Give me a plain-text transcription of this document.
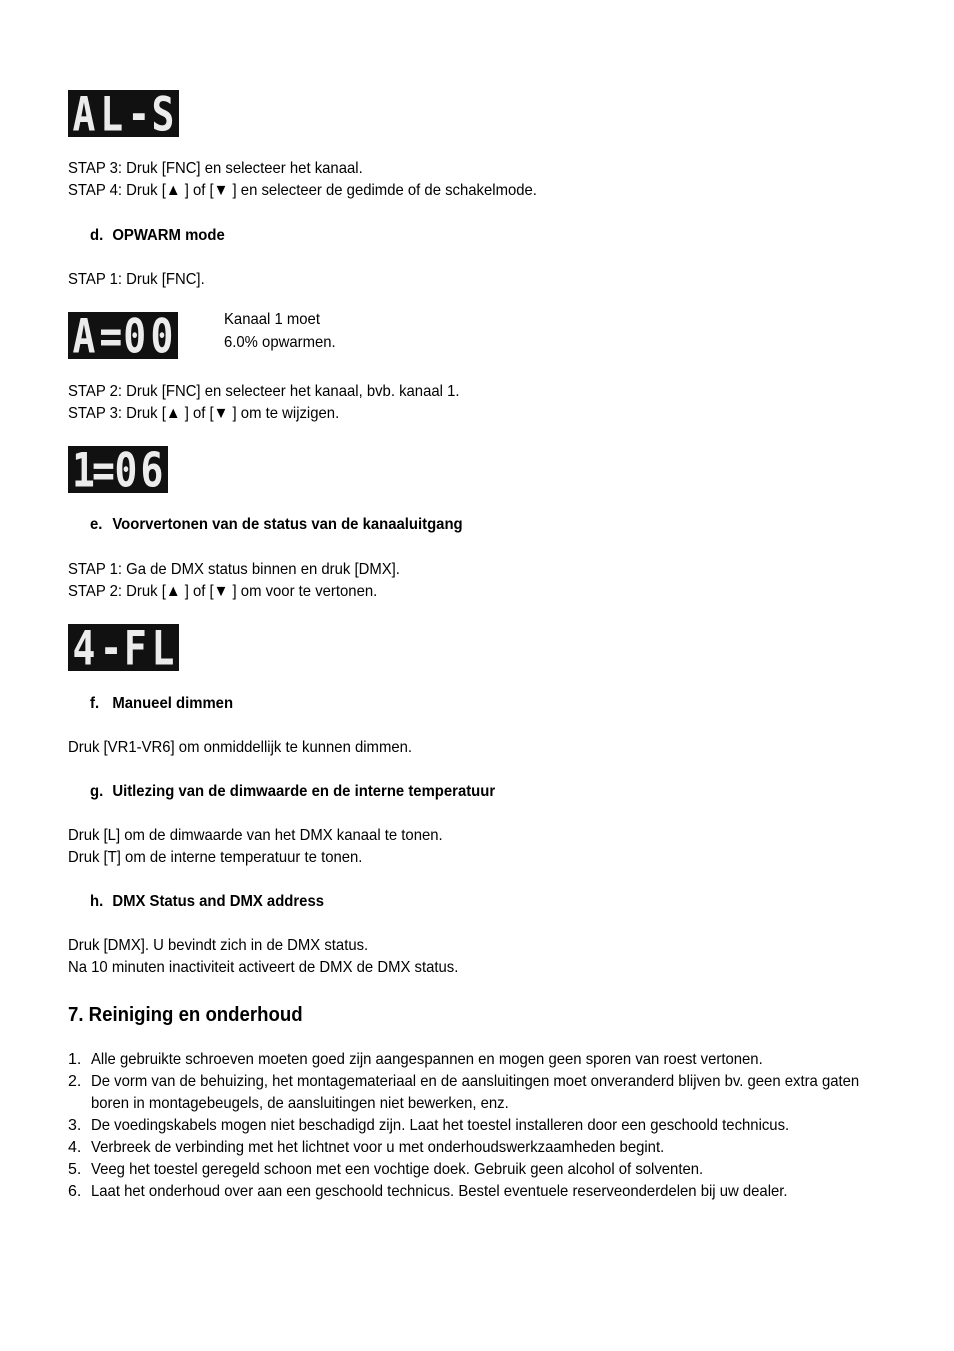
A L - S

STAP 3: Druk [FNC] en selecteer het kanaal.

STAP 4: Druk [▲ ] of [▼ ] en selecteer de gedimde of de schakelmode.

d. OPWARM mode

STAP 1: Druk [FNC].

A = 0 0	Kanaal 1 moet
6.0% opwarmen.

STAP 2: Druk [FNC] en selecteer het kanaal, bvb. kanaal 1.

STAP 3: Druk [▲ ] of [▼ ] om te wijzigen.

1
= 0 6

e. Voorvertonen van de status van de kanaaluitgang

STAP 1: Ga de DMX status binnen en druk [DMX].

STAP 2: Druk [▲ ] of [▼ ] om voor te vertonen.

4 - F L

f. Manueel dimmen

Druk [VR1-VR6] om onmiddellijk te kunnen dimmen.

g. Uitlezing van de dimwaarde en de interne temperatuur

Druk [L] om de dimwaarde van het DMX kanaal te tonen.

Druk [T] om de interne temperatuur te tonen.

h. DMX Status and DMX address

Druk [DMX]. U bevindt zich in de DMX status.

Na 10 minuten inactiviteit activeert de DMX de DMX status.

7. Reiniging en onderhoud
1. Alle gebruikte schroeven moeten goed zijn aangespannen en mogen geen sporen van roest vertonen.
2. De vorm van de behuizing, het montagemateriaal en de aansluitingen moet onveranderd blijven bv. geen extra gaten boren in montagebeugels, de aansluitingen niet bewerken, enz.
3. De voedingskabels mogen niet beschadigd zijn. Laat het toestel installeren door een geschoold technicus.
4. Verbreek de verbinding met het lichtnet voor u met onderhoudswerkzaamheden begint.
5. Veeg het toestel geregeld schoon met een vochtige doek. Gebruik geen alcohol of solventen.
6. Laat het onderhoud over aan een geschoold technicus. Bestel eventuele reserveonderdelen bij uw dealer.
